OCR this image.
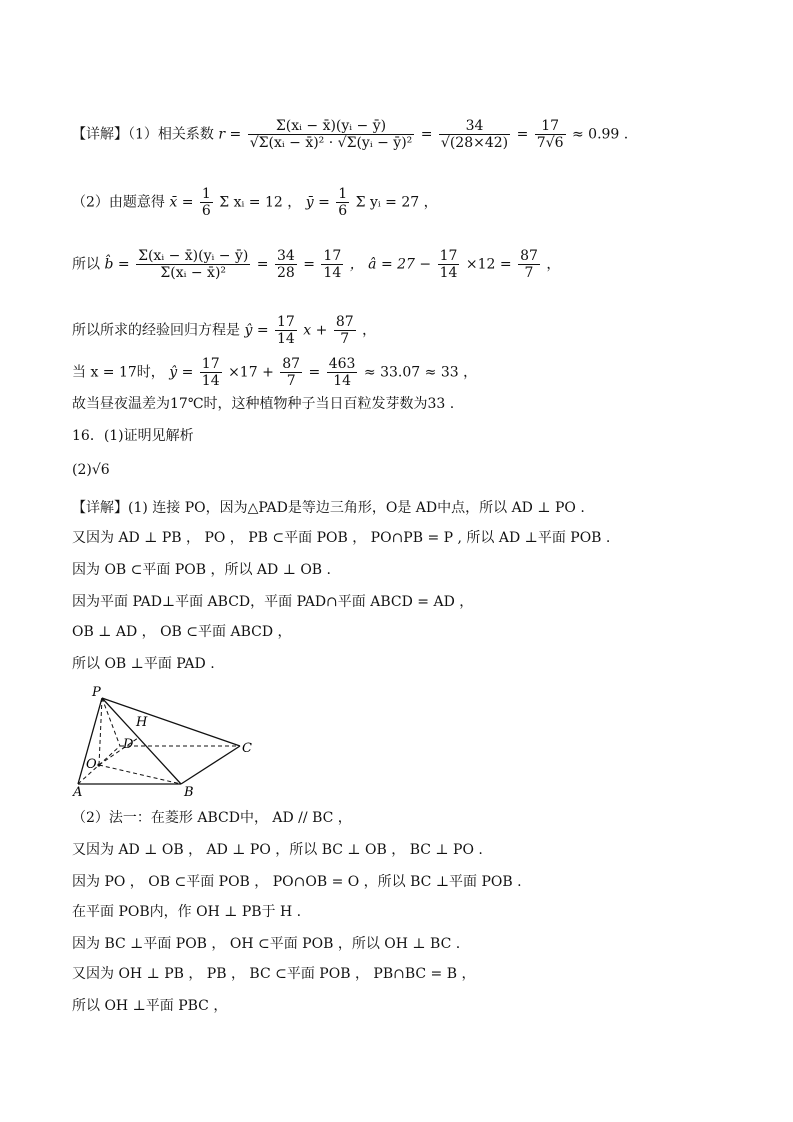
【详解】（1）相关系数 $r = \frac{\text{Σ(xᵢ − x̄)(yᵢ − ȳ)}}{\text{√Σ(xᵢ − x̄)² · √Σ(yᵢ − ȳ)²}} = \frac{34}{√(28\times 42)} = \frac{17}{7√6} \approx 0.99$ .
（2）由题意得 x̄ = $\frac{1}{6}$ Σ xᵢ = 12 ， ȳ = $\frac{1}{6}$ Σ yᵢ = 27 ，
所以 b̂ = $\frac{\text{Σ(xᵢ − x̄)(yᵢ − ȳ)}}{\text{Σ(xᵢ − x̄)²}} = \frac{34}{28} = \frac{17}{14}$ ， â = $27 - \frac{17}{14} \times 12 = \frac{87}{7}$ ，
所以所求的经验回归方程是 ŷ = $\frac{17}{14}$ $x + \frac{87}{7}$ ，
当 x = 17时， ŷ = $\frac{17}{14} \times 17 + \frac{87}{7} = \frac{463}{14} \approx 33.07 \approx 33$ ，
故当昼夜温差为17℃时，这种植物种子当日百粒发芽数为33 .
16．(1)证明见解析
(2)√6
【详解】(1) 连接 PO，因为△PAD是等边三角形，O是 AD中点，所以 AD ⊥ PO .
又因为 AD ⊥ PB ， PO ， PB ⊂平面 POB ， PO∩PB = P , 所以 AD ⊥平面 POB .
因为 OB ⊂平面 POB ，所以 AD ⊥ OB .
因为平面 PAD⊥平面 ABCD，平面 PAD∩平面 ABCD = AD ，
OB ⊥ AD ， OB ⊂平面 ABCD ，
所以 OB ⊥平面 PAD .
P
H
D	C
O
A	B
（2）法一：在菱形 ABCD中， AD // BC ，
又因为 AD ⊥ OB ， AD ⊥ PO ，所以 BC ⊥ OB ， BC ⊥ PO .
因为 PO ， OB ⊂平面 POB ， PO∩OB = O ，所以 BC ⊥平面 POB .
在平面 POB内，作 OH ⊥ PB于 H .
因为 BC ⊥平面 POB ， OH ⊂平面 POB ，所以 OH ⊥ BC .
又因为 OH ⊥ PB ， PB ， BC ⊂平面 POB ， PB∩BC = B ，
所以 OH ⊥平面 PBC ，
